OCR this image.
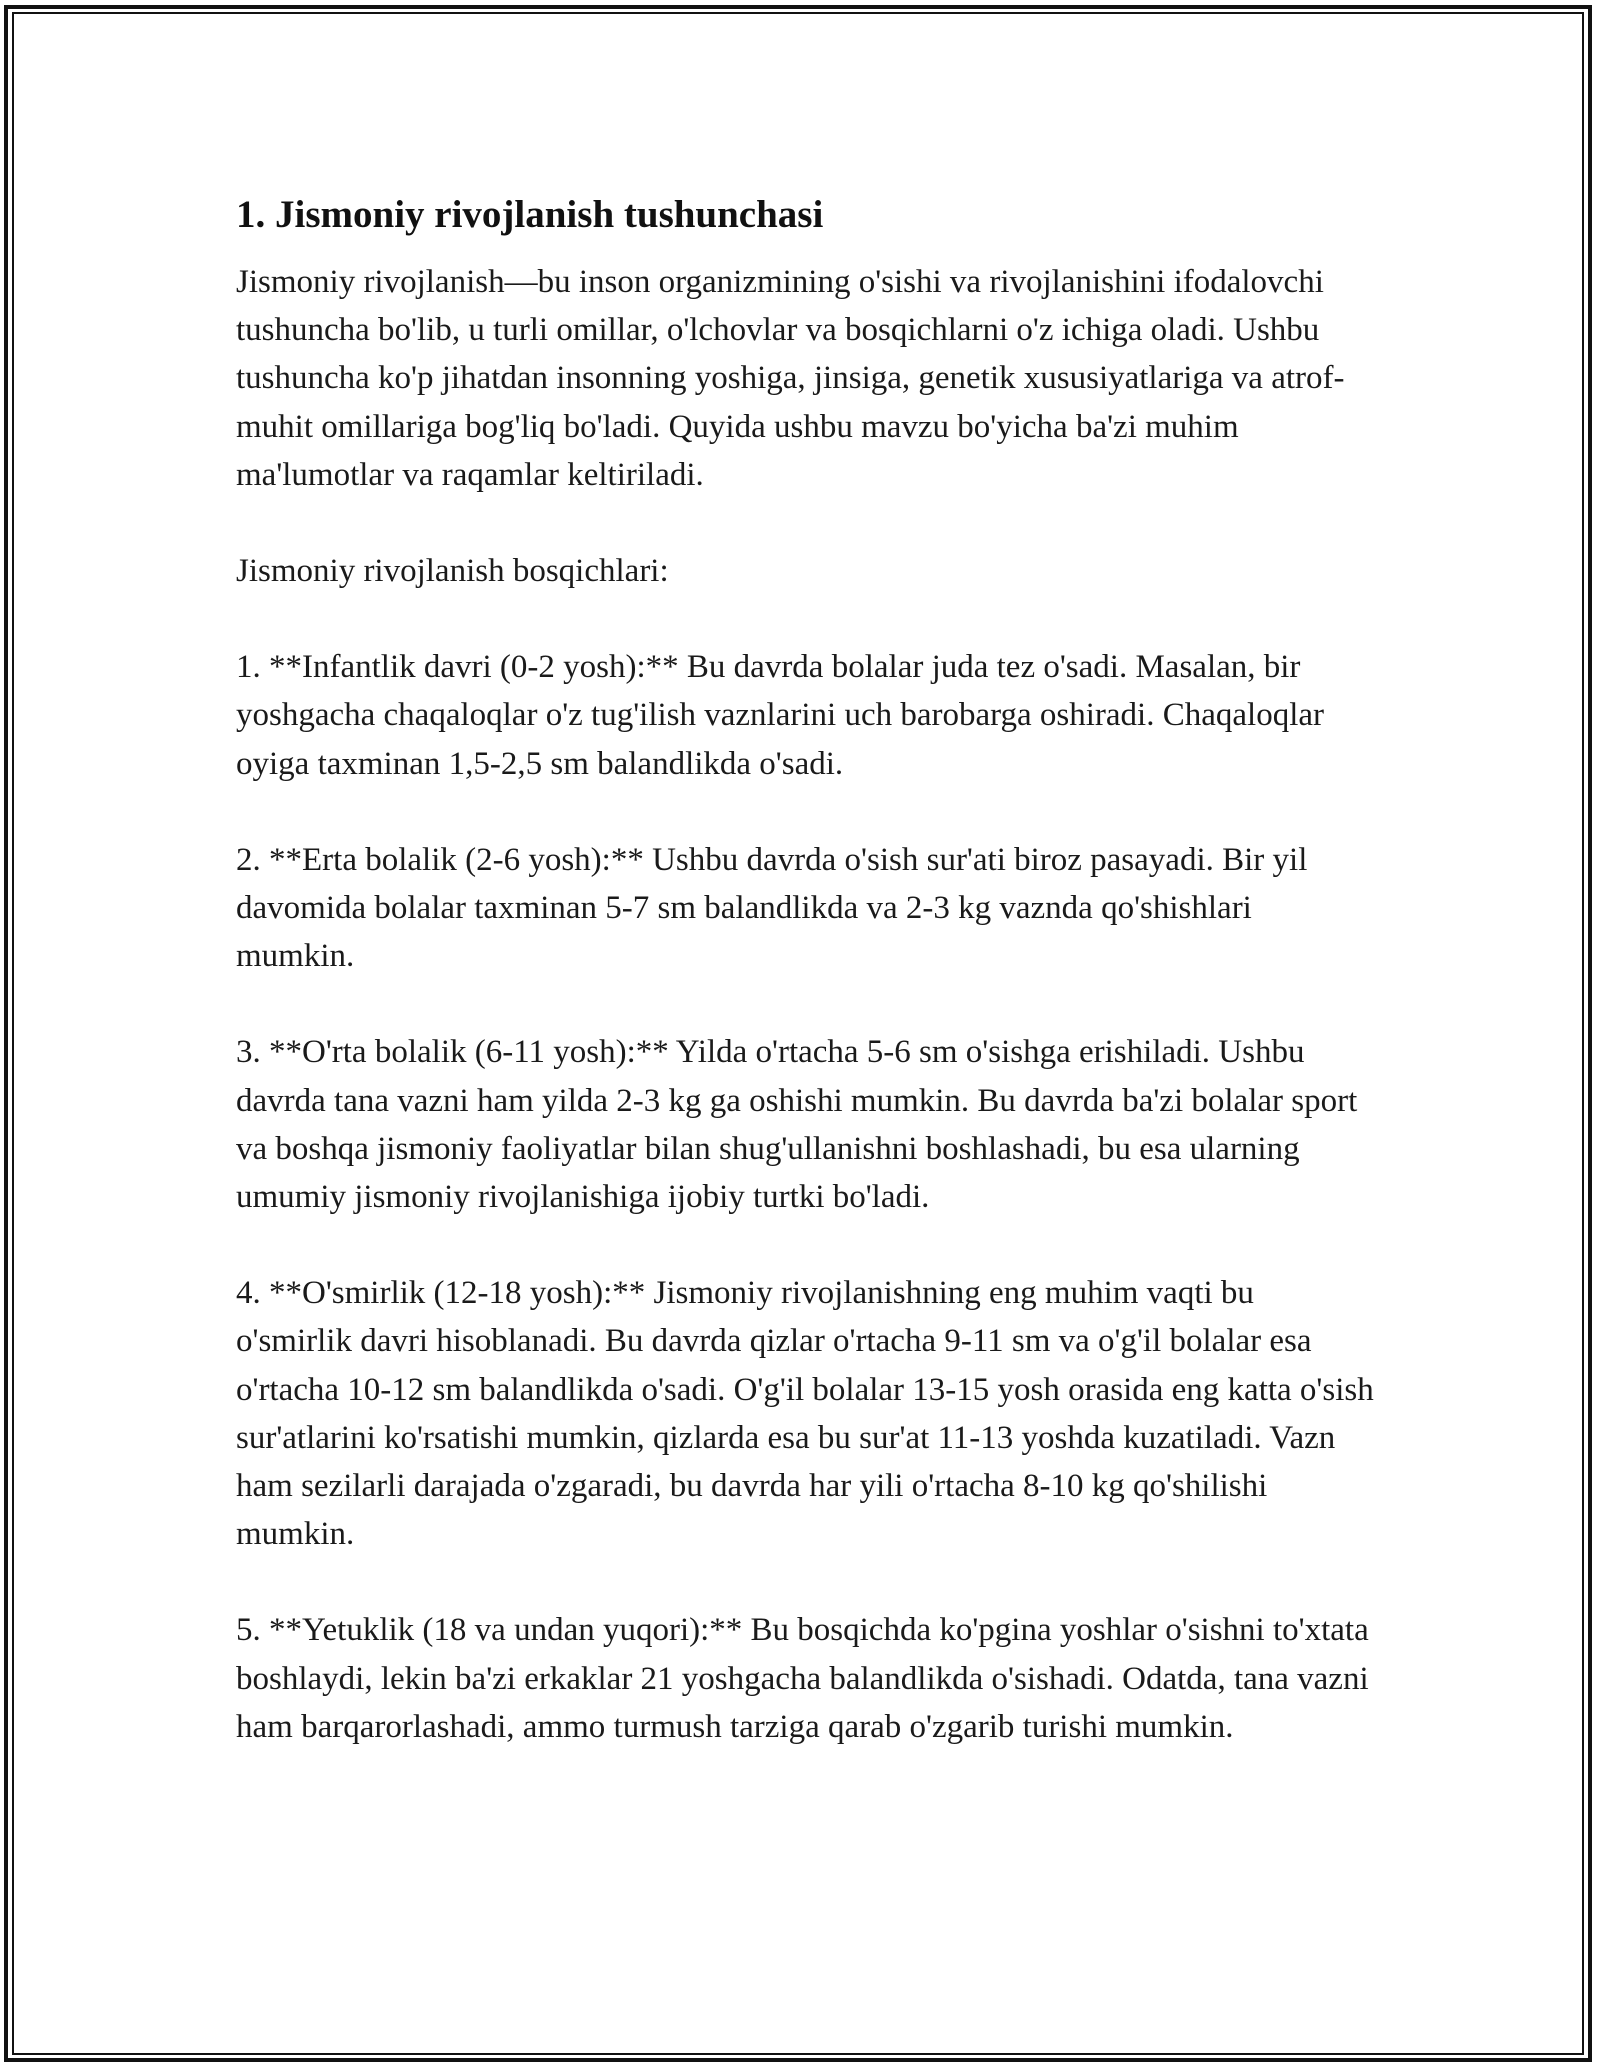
1. Jismoniy rivojlanish tushunchasi

Jismoniy rivojlanish—bu inson organizmining o'sishi va rivojlanishini ifodalovchi tushuncha bo'lib, u turli omillar, o'lchovlar va bosqichlarni o'z ichiga oladi. Ushbu tushuncha ko'p jihatdan insonning yoshiga, jinsiga, genetik xususiyatlariga va atrof-muhit omillariga bog'liq bo'ladi. Quyida ushbu mavzu bo'yicha ba'zi muhim ma'lumotlar va raqamlar keltiriladi.

Jismoniy rivojlanish bosqichlari:

1. **Infantlik davri (0-2 yosh):** Bu davrda bolalar juda tez o'sadi. Masalan, bir yoshgacha chaqaloqlar o'z tug'ilish vaznlarini uch barobarga oshiradi. Chaqaloqlar oyiga taxminan 1,5-2,5 sm balandlikda o'sadi.

2. **Erta bolalik (2-6 yosh):** Ushbu davrda o'sish sur'ati biroz pasayadi. Bir yil davomida bolalar taxminan 5-7 sm balandlikda va 2-3 kg vaznda qo'shishlari mumkin.

3. **O'rta bolalik (6-11 yosh):** Yilda o'rtacha 5-6 sm o'sishga erishiladi. Ushbu davrda tana vazni ham yilda 2-3 kg ga oshishi mumkin. Bu davrda ba'zi bolalar sport va boshqa jismoniy faoliyatlar bilan shug'ullanishni boshlashadi, bu esa ularning umumiy jismoniy rivojlanishiga ijobiy turtki bo'ladi.

4. **O'smirlik (12-18 yosh):** Jismoniy rivojlanishning eng muhim vaqti bu o'smirlik davri hisoblanadi. Bu davrda qizlar o'rtacha 9-11 sm va o'g'il bolalar esa o'rtacha 10-12 sm balandlikda o'sadi. O'g'il bolalar 13-15 yosh orasida eng katta o'sish sur'atlarini ko'rsatishi mumkin, qizlarda esa bu sur'at 11-13 yoshda kuzatiladi. Vazn ham sezilarli darajada o'zgaradi, bu davrda har yili o'rtacha 8-10 kg qo'shilishi mumkin.

5. **Yetuklik (18 va undan yuqori):** Bu bosqichda ko'pgina yoshlar o'sishni to'xtata boshlaydi, lekin ba'zi erkaklar 21 yoshgacha balandlikda o'sishadi. Odatda, tana vazni ham barqarorlashadi, ammo turmush tarziga qarab o'zgarib turishi mumkin.
